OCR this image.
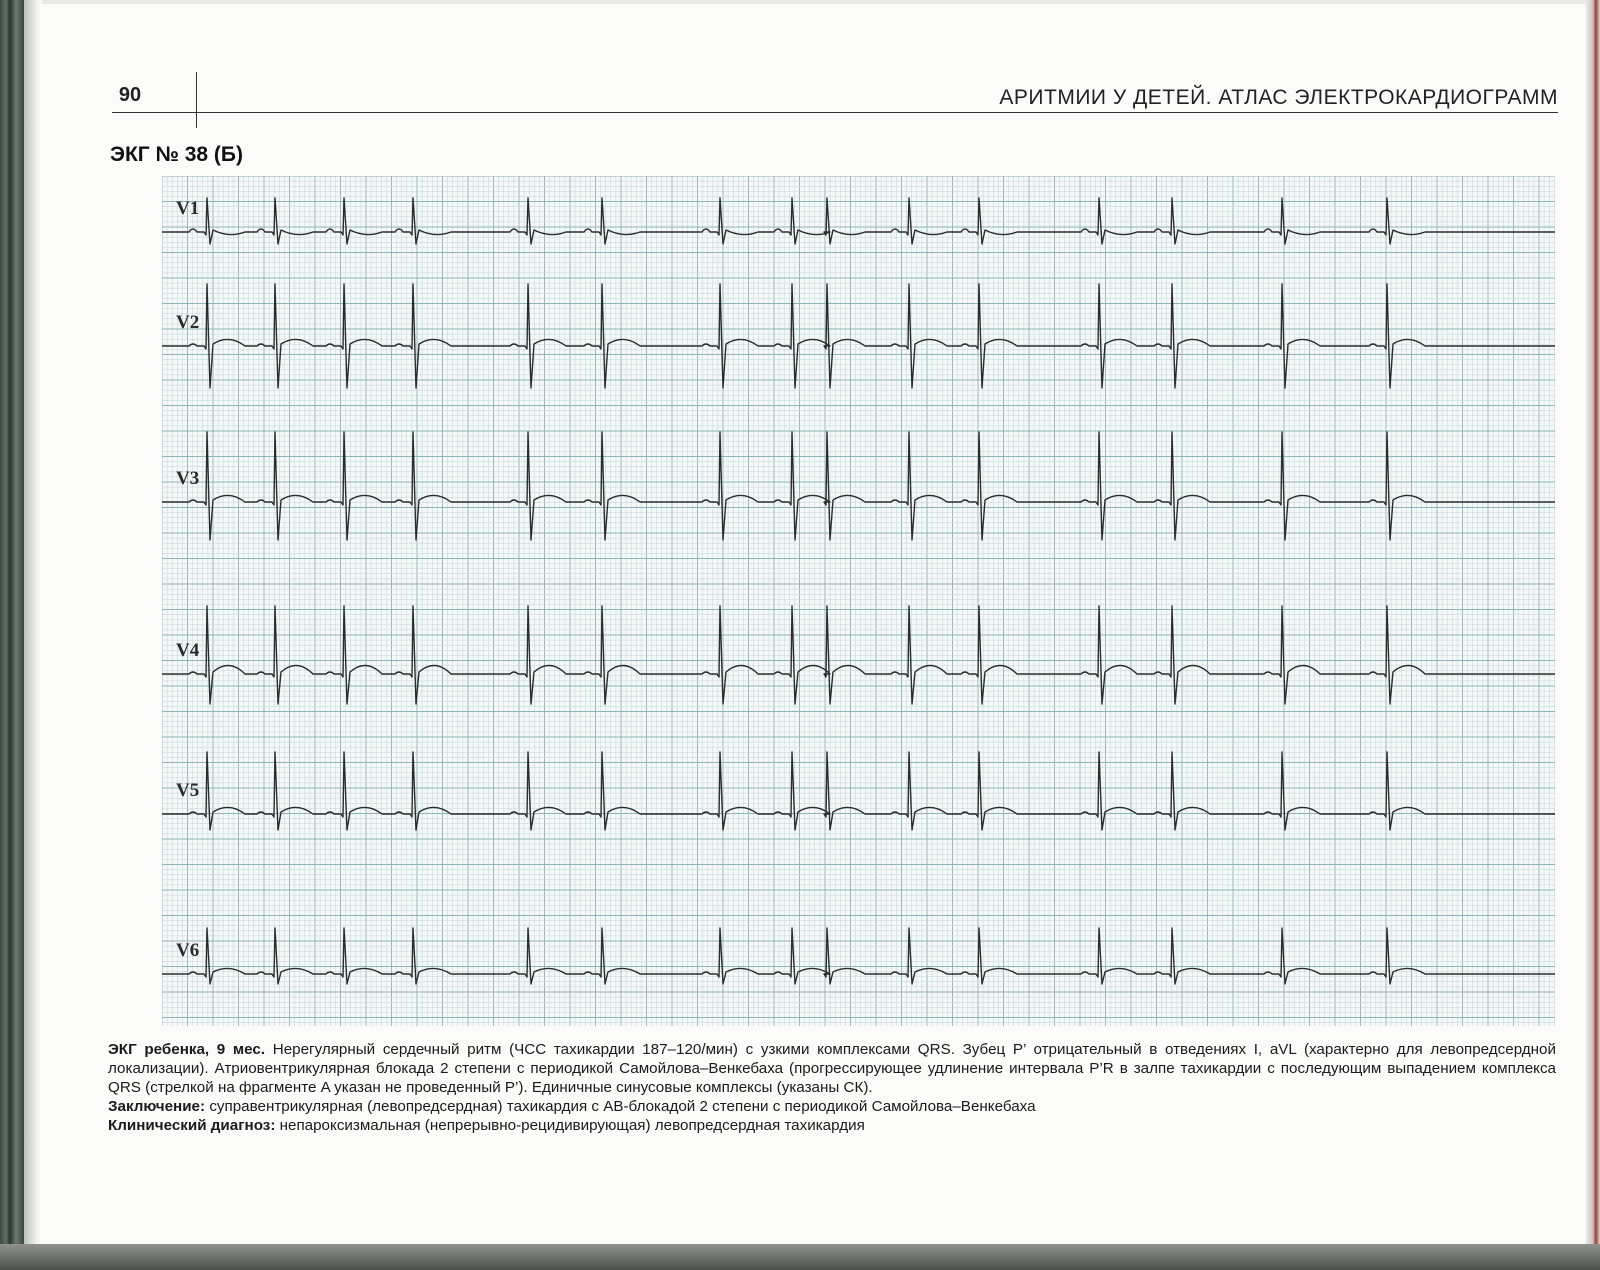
90	АРИТМИИ У ДЕТЕЙ. АТЛАС ЭЛЕКТРОКАРДИОГРАММ
ЭКГ № 38 (Б)
V1
V2
V3
V4
V5
V6

ЭКГ ребенка, 9 мес. Нерегулярный сердечный ритм (ЧСС тахикардии 187–120/мин) с узкими комплексами QRS. Зубец P’ отрицательный в отведениях I, aVL (характерно для левопредсердной локализации). Атриовентрикулярная блокада 2 степени с периодикой Самойлова–Венкебаха (прогрессирующее удлинение интервала P’R в залпе тахикардии с последующим выпадением комплекса QRS (стрелкой на фрагменте A указан не проведенный P’). Единичные синусовые комплексы (указаны СК).

Заключение: суправентрикулярная (левопредсердная) тахикардия с АВ-блокадой 2 степени с периодикой Самойлова–Венкебаха

Клинический диагноз: непароксизмальная (непрерывно-рецидивирующая) левопредсердная тахикардия
